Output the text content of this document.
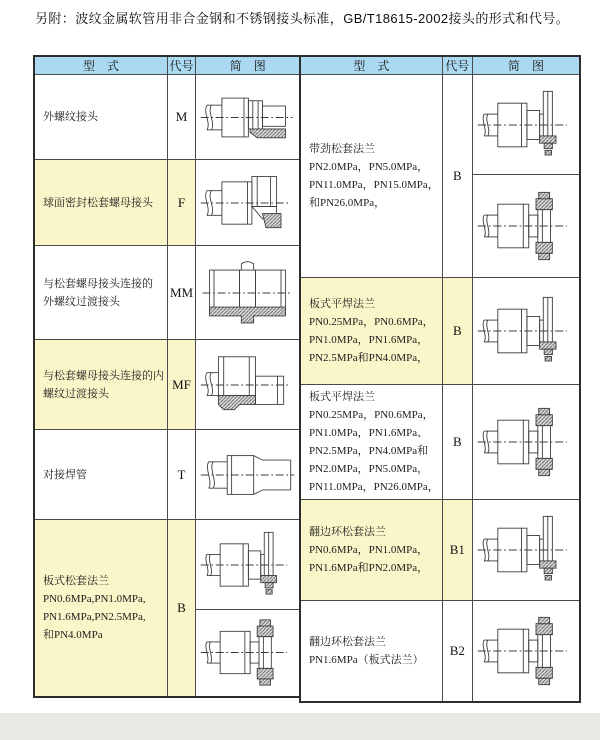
另附：波纹金属软管用非合金钢和不锈钢接头标准，GB/T18615-2002接头的形式和代号。
型　式	代号	简　图

外螺纹接头	M	

球面密封松套螺母接头	F	

与松套螺母接头连接的
外螺纹过渡接头	MM	

与松套螺母接头连接的内
螺纹过渡接头	MF	

对接焊管	T	

板式松套法兰
PN0.6MPa,PN1.0MPa,
PN1.6MPa,PN2.5MPa,
和PN4.0MPa	B	

型　式	代号	简　图

带劲松套法兰
PN2.0MPa，PN5.0MPa，
PN11.0MPa，PN15.0MPa，
和PN26.0MPa，	B	

板式平焊法兰
PN0.25MPa，PN0.6MPa，
PN1.0MPa，PN1.6MPa，
PN2.5MPa和PN4.0MPa，	B	

板式平焊法兰
PN0.25MPa，PN0.6MPa，
PN1.0MPa，PN1.6MPa、
PN2.5MPa，PN4.0MPa和
PN2.0MPa，PN5.0MPa，
PN11.0MPa，PN26.0MPa，
	B	

翻边环松套法兰
PN0.6MPa，PN1.0MPa，
PN1.6MPa和PN2.0MPa，	B1	

翻边环松套法兰
PN1.6MPa（板式法兰）	B2	
